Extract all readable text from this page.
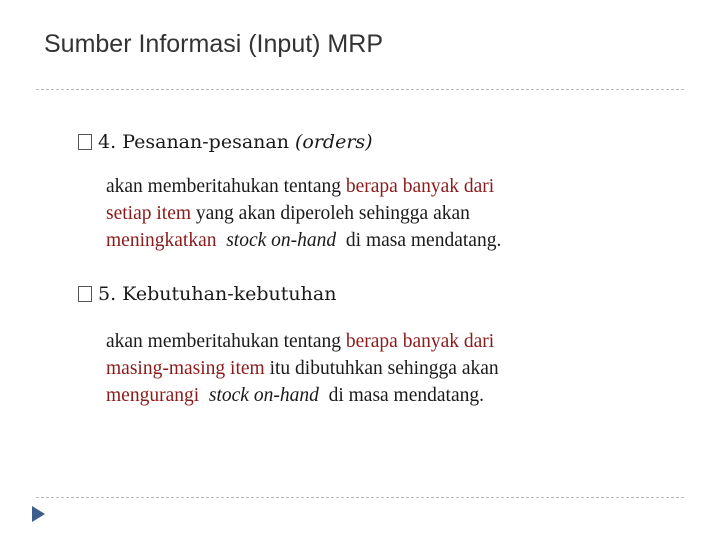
Sumber Informasi (Input) MRP
4. Pesanan-pesanan (orders)
akan memberitahukan tentang berapa banyak dari
setiap item yang akan diperoleh sehingga akan
meningkatkan stock on-hand di masa mendatang.
5. Kebutuhan-kebutuhan
akan memberitahukan tentang berapa banyak dari
masing-masing item itu dibutuhkan sehingga akan
mengurangi stock on-hand di masa mendatang.
